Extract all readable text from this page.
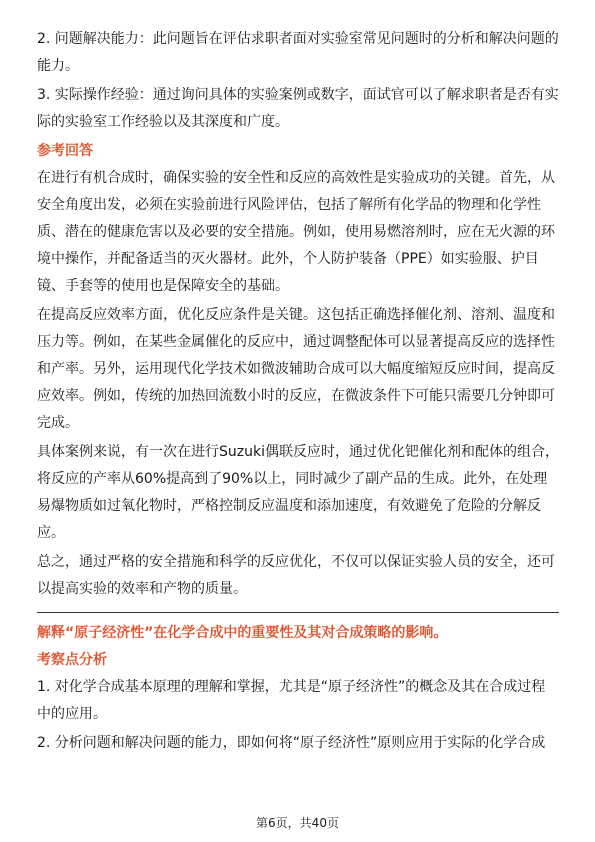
2. 问题解决能力：此问题旨在评估求职者面对实验室常见问题时的分析和解决问题的能力。

3. 实际操作经验：通过询问具体的实验案例或数字，面试官可以了解求职者是否有实际的实验室工作经验以及其深度和广度。

参考回答

在进行有机合成时，确保实验的安全性和反应的高效性是实验成功的关键。首先，从安全角度出发，必须在实验前进行风险评估，包括了解所有化学品的物理和化学性质、潜在的健康危害以及必要的安全措施。例如，使用易燃溶剂时，应在无火源的环境中操作，并配备适当的灭火器材。此外，个人防护装备（PPE）如实验服、护目镜、手套等的使用也是保障安全的基础。

在提高反应效率方面，优化反应条件是关键。这包括正确选择催化剂、溶剂、温度和压力等。例如，在某些金属催化的反应中，通过调整配体可以显著提高反应的选择性和产率。另外，运用现代化学技术如微波辅助合成可以大幅度缩短反应时间，提高反应效率。例如，传统的加热回流数小时的反应，在微波条件下可能只需要几分钟即可完成。

具体案例来说，有一次在进行Suzuki偶联反应时，通过优化钯催化剂和配体的组合，将反应的产率从60%提高到了90%以上，同时减少了副产品的生成。此外，在处理易爆物质如过氧化物时，严格控制反应温度和添加速度，有效避免了危险的分解反应。

总之，通过严格的安全措施和科学的反应优化，不仅可以保证实验人员的安全，还可以提高实验的效率和产物的质量。

解释“原子经济性”在化学合成中的重要性及其对合成策略的影响。

考察点分析

1. 对化学合成基本原理的理解和掌握，尤其是“原子经济性”的概念及其在合成过程中的应用。

2. 分析问题和解决问题的能力，即如何将“原子经济性”原则应用于实际的化学合成

第6页，共40页
